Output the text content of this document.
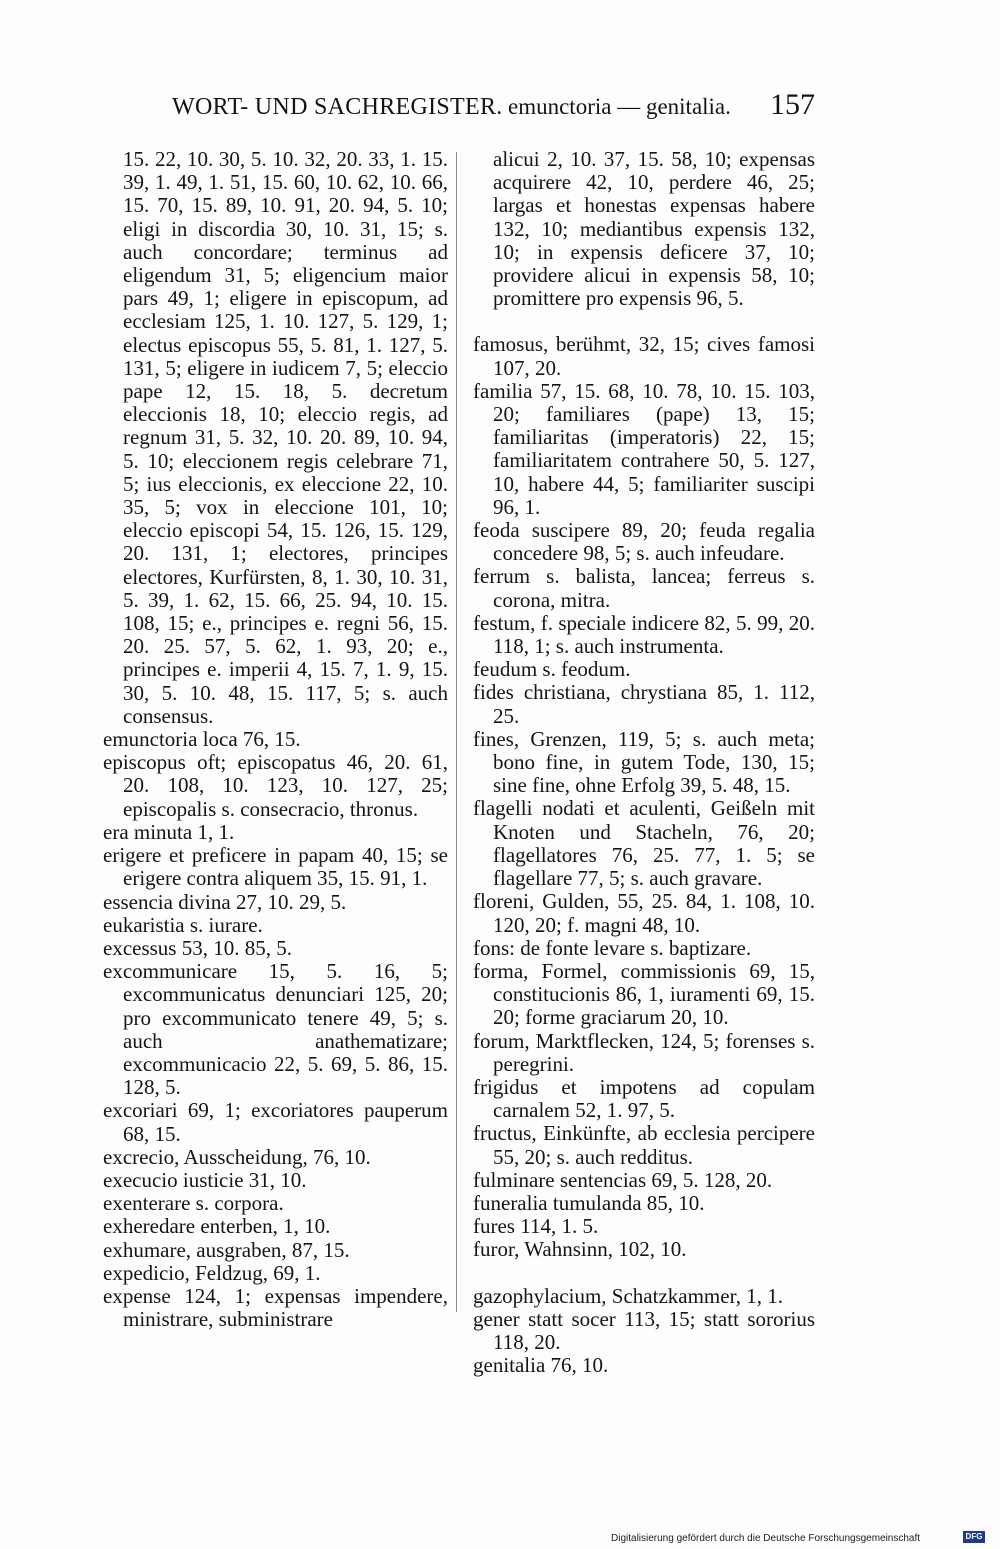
WORT- UND SACHREGISTER. emunctoria — genitalia. 157

15. 22, 10. 30, 5. 10. 32, 20. 33, 1. 15. 39, 1. 49, 1. 51, 15. 60, 10. 62, 10. 66, 15. 70, 15. 89, 10. 91, 20. 94, 5. 10; eligi in discordia 30, 10. 31, 15; s. auch concordare; terminus ad eligendum 31, 5; eligencium maior pars 49, 1; eligere in episcopum, ad ecclesiam 125, 1. 10. 127, 5. 129, 1; electus episcopus 55, 5. 81, 1. 127, 5. 131, 5; eligere in iudicem 7, 5; eleccio pape 12, 15. 18, 5. decretum eleccionis 18, 10; eleccio regis, ad regnum 31, 5. 32, 10. 20. 89, 10. 94, 5. 10; eleccionem regis celebrare 71, 5; ius eleccionis, ex eleccione 22, 10. 35, 5; vox in eleccione 101, 10; eleccio episcopi 54, 15. 126, 15. 129, 20. 131, 1; electores, principes electores, Kurfürsten, 8, 1. 30, 10. 31, 5. 39, 1. 62, 15. 66, 25. 94, 10. 15. 108, 15; e., principes e. regni 56, 15. 20. 25. 57, 5. 62, 1. 93, 20; e., principes e. imperii 4, 15. 7, 1. 9, 15. 30, 5. 10. 48, 15. 117, 5; s. auch consensus.

emunctoria loca 76, 15.

episcopus oft; episcopatus 46, 20. 61, 20. 108, 10. 123, 10. 127, 25; episcopalis s. consecracio, thronus.

era minuta 1, 1.

erigere et preficere in papam 40, 15; se erigere contra aliquem 35, 15. 91, 1.

essencia divina 27, 10. 29, 5.

eukaristia s. iurare.

excessus 53, 10. 85, 5.

excommunicare 15, 5. 16, 5; excommunicatus denunciari 125, 20; pro excommunicato tenere 49, 5; s. auch anathematizare; excommunicacio 22, 5. 69, 5. 86, 15. 128, 5.

excoriari 69, 1; excoriatores pauperum 68, 15.

excrecio, Ausscheidung, 76, 10.

execucio iusticie 31, 10.

exenterare s. corpora.

exheredare enterben, 1, 10.

exhumare, ausgraben, 87, 15.

expedicio, Feldzug, 69, 1.

expense 124, 1; expensas impendere, ministrare, subministrare

alicui 2, 10. 37, 15. 58, 10; expensas acquirere 42, 10, perdere 46, 25; largas et honestas expensas habere 132, 10; mediantibus expensis 132, 10; in expensis deficere 37, 10; providere alicui in expensis 58, 10; promittere pro expensis 96, 5.

famosus, berühmt, 32, 15; cives famosi 107, 20.

familia 57, 15. 68, 10. 78, 10. 15. 103, 20; familiares (pape) 13, 15; familiaritas (imperatoris) 22, 15; familiaritatem contrahere 50, 5. 127, 10, habere 44, 5; familiariter suscipi 96, 1.

feoda suscipere 89, 20; feuda regalia concedere 98, 5; s. auch infeudare.

ferrum s. balista, lancea; ferreus s. corona, mitra.

festum, f. speciale indicere 82, 5. 99, 20. 118, 1; s. auch instrumenta.

feudum s. feodum.

fides christiana, chrystiana 85, 1. 112, 25.

fines, Grenzen, 119, 5; s. auch meta; bono fine, in gutem Tode, 130, 15; sine fine, ohne Erfolg 39, 5. 48, 15.

flagelli nodati et aculenti, Geißeln mit Knoten und Stacheln, 76, 20; flagellatores 76, 25. 77, 1. 5; se flagellare 77, 5; s. auch gravare.

floreni, Gulden, 55, 25. 84, 1. 108, 10. 120, 20; f. magni 48, 10.

fons: de fonte levare s. baptizare.

forma, Formel, commissionis 69, 15, constitucionis 86, 1, iuramenti 69, 15. 20; forme graciarum 20, 10.

forum, Marktflecken, 124, 5; forenses s. peregrini.

frigidus et impotens ad copulam carnalem 52, 1. 97, 5.

fructus, Einkünfte, ab ecclesia percipere 55, 20; s. auch redditus.

fulminare sentencias 69, 5. 128, 20.

funeralia tumulanda 85, 10.

fures 114, 1. 5.

furor, Wahnsinn, 102, 10.

gazophylacium, Schatzkammer, 1, 1.

gener statt socer 113, 15; statt sororius 118, 20.

genitalia 76, 10.

Digitalisierung gefördert durch die Deutsche Forschungsgemeinschaft	DFG
